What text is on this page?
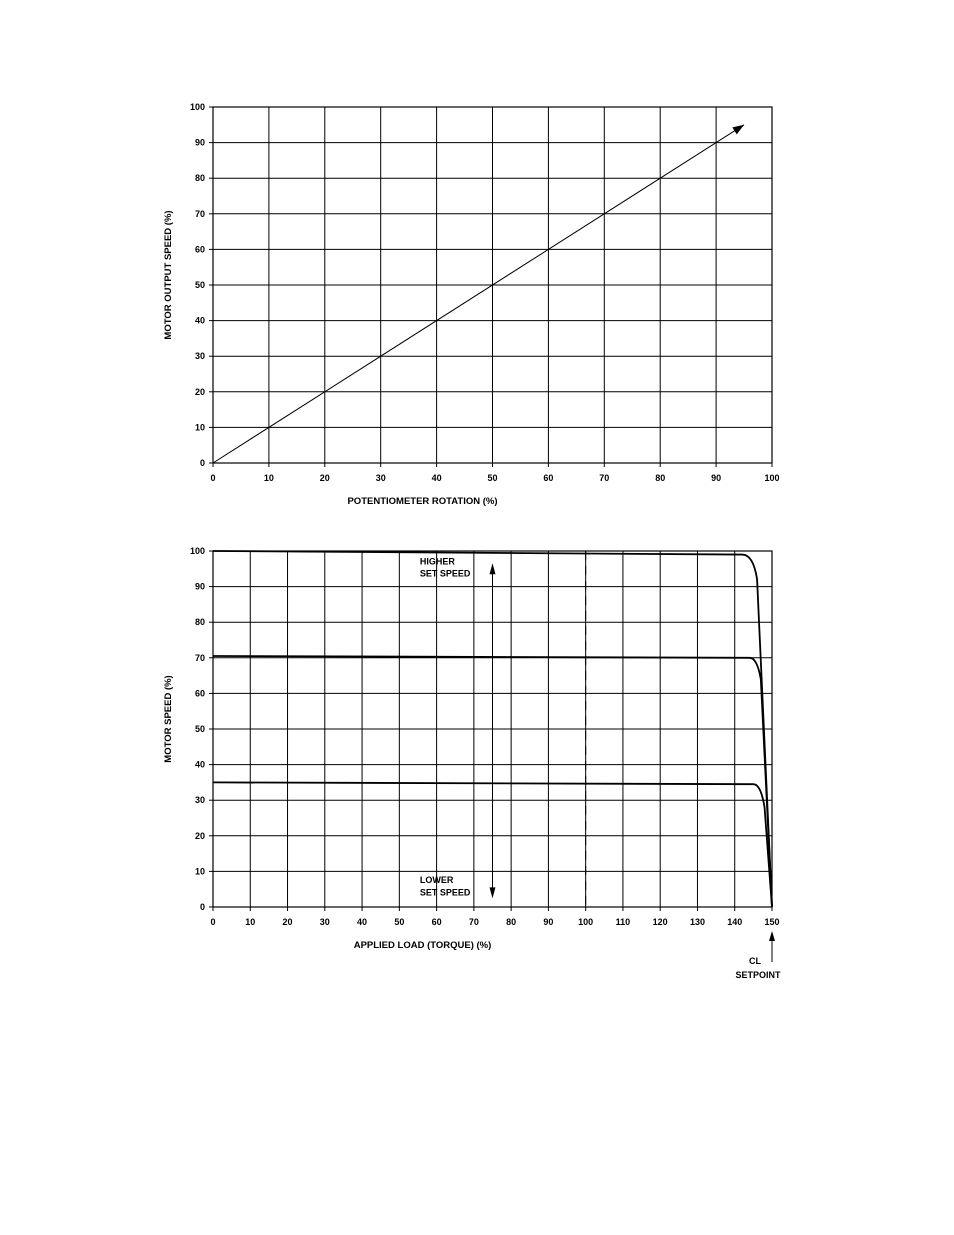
0	10	20	30	40	50	60	70	80	90	100
0
10
20
30
40
50
60
70
80
90
100
POTENTIOMETER ROTATION (%)
MOTOR OUTPUT SPEED (%)
0	10	20	30	40	50	60	70	80	90	100 110 120 130 140 150
0
10
20
30
40
50
60
70
80
90
100
APPLIED LOAD (TORQUE) (%)
MOTOR SPEED (%)
HIGHER
SET SPEED
LOWER
SET SPEED
CL
SETPOINT
